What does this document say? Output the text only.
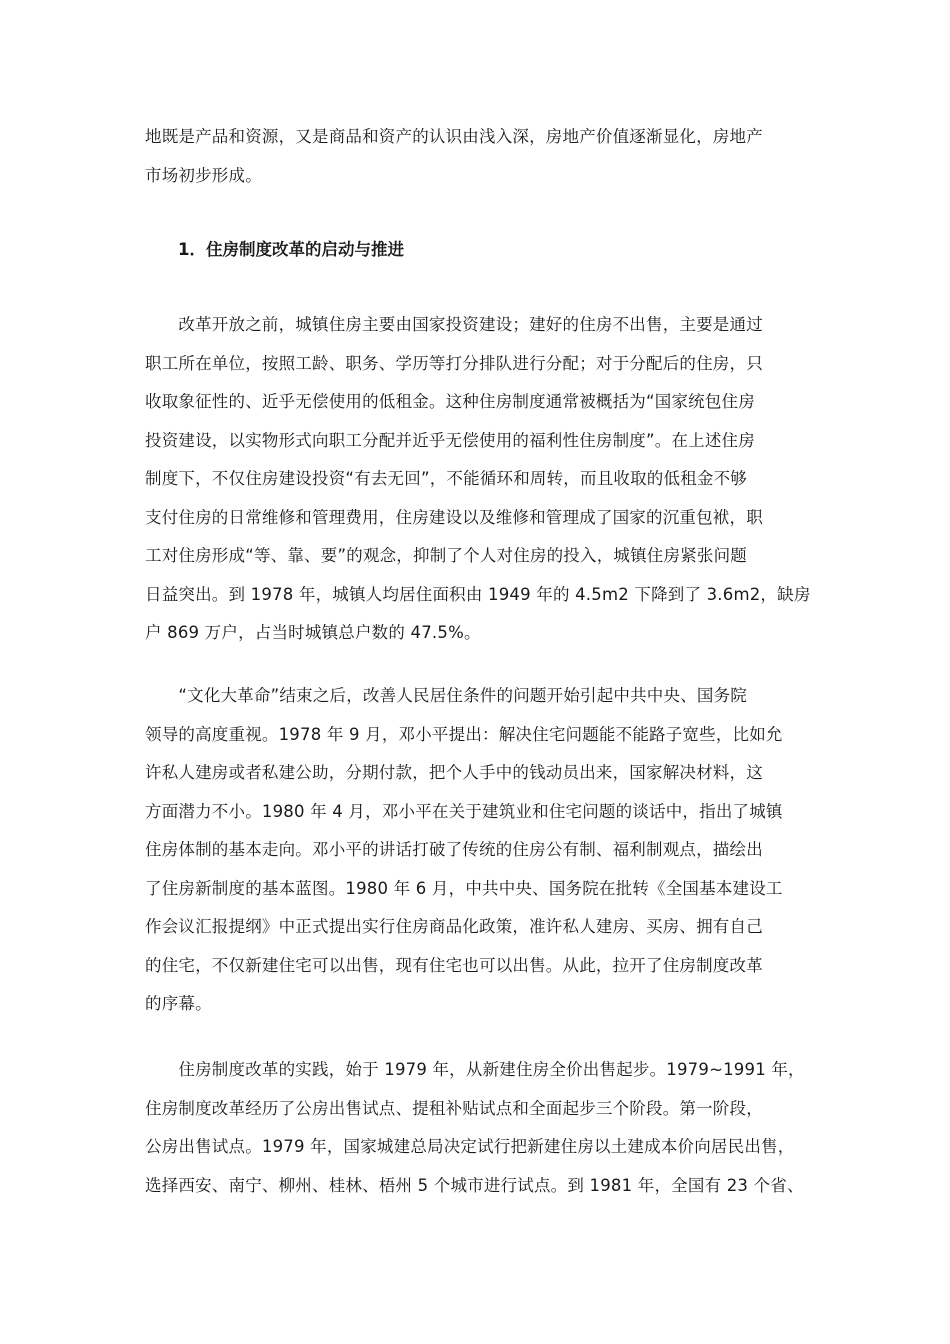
地既是产品和资源，又是商品和资产的认识由浅入深，房地产价值逐渐显化，房地产
市场初步形成。
1．住房制度改革的启动与推进
　　改革开放之前，城镇住房主要由国家投资建设；建好的住房不出售，主要是通过
职工所在单位，按照工龄、职务、学历等打分排队进行分配；对于分配后的住房，只
收取象征性的、近乎无偿使用的低租金。这种住房制度通常被概括为“国家统包住房
投资建设，以实物形式向职工分配并近乎无偿使用的福利性住房制度”。在上述住房
制度下，不仅住房建设投资“有去无回”，不能循环和周转，而且收取的低租金不够
支付住房的日常维修和管理费用，住房建设以及维修和管理成了国家的沉重包袱，职
工对住房形成“等、靠、要”的观念，抑制了个人对住房的投入，城镇住房紧张问题
日益突出。到 1978 年，城镇人均居住面积由 1949 年的 4.5m2 下降到了 3.6m2，缺房
户 869 万户，占当时城镇总户数的 47.5%。
　　“文化大革命”结束之后，改善人民居住条件的问题开始引起中共中央、国务院
领导的高度重视。1978 年 9 月，邓小平提出：解决住宅问题能不能路子宽些，比如允
许私人建房或者私建公助，分期付款，把个人手中的钱动员出来，国家解决材料，这
方面潜力不小。1980 年 4 月，邓小平在关于建筑业和住宅问题的谈话中，指出了城镇
住房体制的基本走向。邓小平的讲话打破了传统的住房公有制、福利制观点，描绘出
了住房新制度的基本蓝图。1980 年 6 月，中共中央、国务院在批转《全国基本建设工
作会议汇报提纲》中正式提出实行住房商品化政策，准许私人建房、买房、拥有自己
的住宅，不仅新建住宅可以出售，现有住宅也可以出售。从此，拉开了住房制度改革
的序幕。
　　住房制度改革的实践，始于 1979 年，从新建住房全价出售起步。1979~1991 年，
住房制度改革经历了公房出售试点、提租补贴试点和全面起步三个阶段。第一阶段，
公房出售试点。1979 年，国家城建总局决定试行把新建住房以土建成本价向居民出售，
选择西安、南宁、柳州、桂林、梧州 5 个城市进行试点。到 1981 年，全国有 23 个省、
